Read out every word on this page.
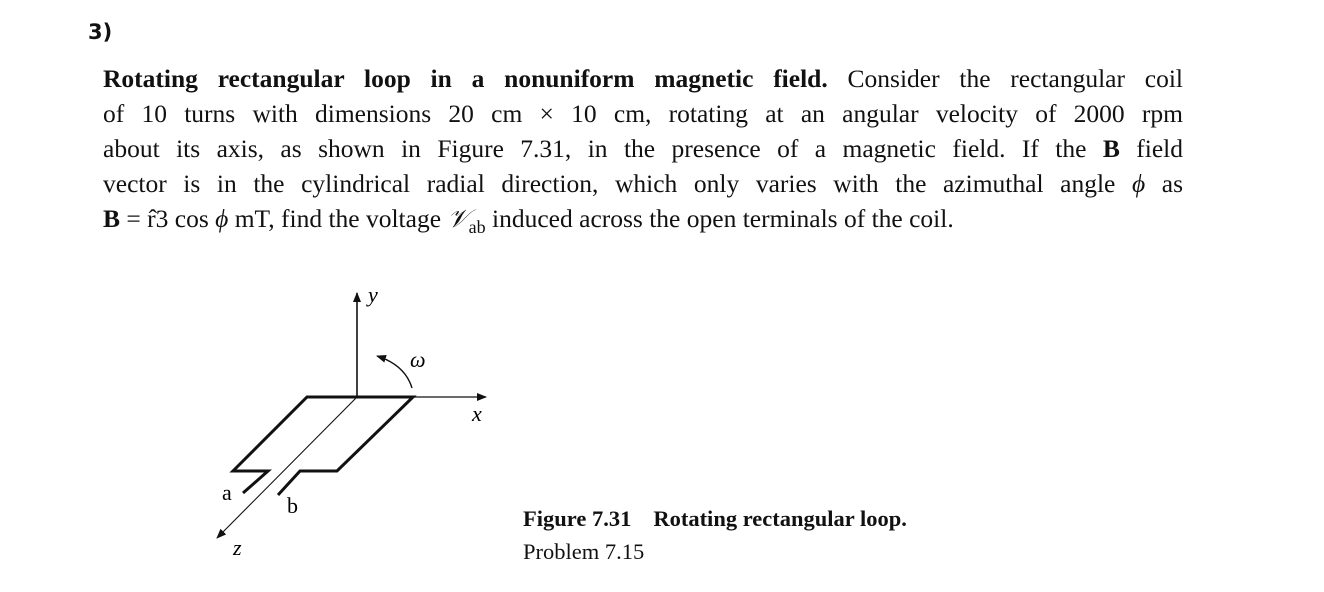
3)
Rotating rectangular loop in a nonuniform magnetic field. Consider the rectangular coil
of 10 turns with dimensions 20 cm × 10 cm, rotating at an angular velocity of 2000 rpm
about its axis, as shown in Figure 7.31, in the presence of a magnetic field. If the B field
vector is in the cylindrical radial direction, which only varies with the azimuthal angle ϕ as
B = r̂3 cos ϕ mT, find the voltage 𝒱$_{ab}$ induced across the open terminals of the coil.
y
ω
x
a
b
z
Figure 7.31 Rotating rectangular loop.
Problem 7.15
